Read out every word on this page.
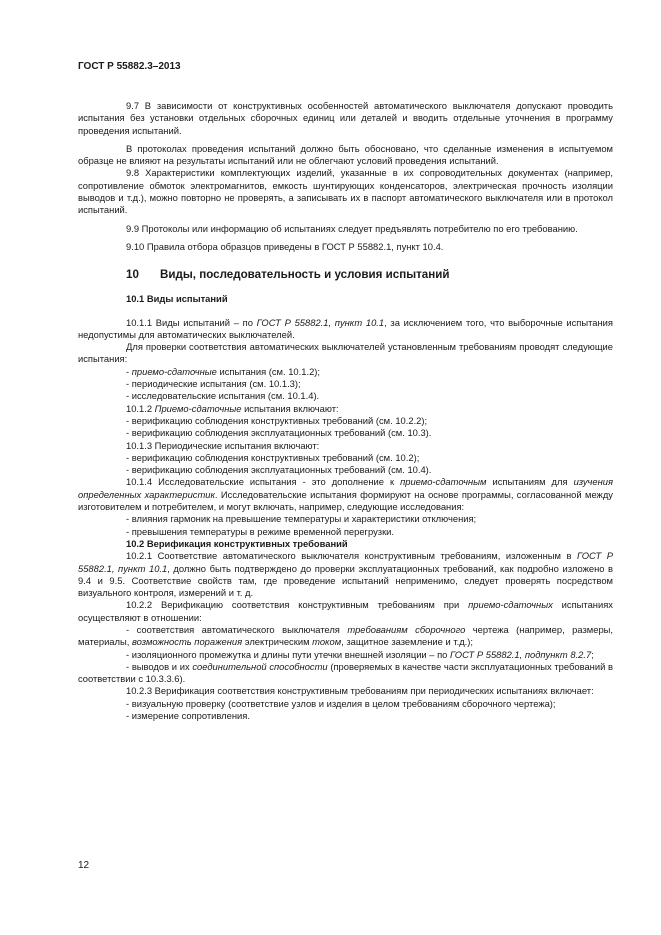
ГОСТ Р 55882.3–2013

9.7 В зависимости от конструктивных особенностей автоматического выключателя допускают проводить испытания без установки отдельных сборочных единиц или деталей и вводить отдельные уточнения в программу проведения испытаний.

В протоколах проведения испытаний должно быть обосновано, что сделанные изменения в испытуемом образце не влияют на результаты испытаний или не облегчают условий проведения испытаний.

9.8 Характеристики комплектующих изделий, указанные в их сопроводительных документах (например, сопротивление обмоток электромагнитов, емкость шунтирующих конденсаторов, электрическая прочность изоляции выводов и т.д.), можно повторно не проверять, а записывать их в паспорт автоматического выключателя или в протокол испытаний.

9.9 Протоколы или информацию об испытаниях следует предъявлять потребителю по его требованию.

9.10 Правила отбора образцов приведены в ГОСТ Р 55882.1, пункт 10.4.

10 Виды, последовательность и условия испытаний

10.1 Виды испытаний

10.1.1 Виды испытаний – по ГОСТ Р 55882.1, пункт 10.1, за исключением того, что выборочные испытания недопустимы для автоматических выключателей.

Для проверки соответствия автоматических выключателей установленным требованиям проводят следующие испытания:

- приемо-сдаточные испытания (см. 10.1.2);

- периодические испытания (см. 10.1.3);

- исследовательские испытания (см. 10.1.4).

10.1.2 Приемо-сдаточные испытания включают:

- верификацию соблюдения конструктивных требований (см. 10.2.2);

- верификацию соблюдения эксплуатационных требований (см. 10.3).

10.1.3 Периодические испытания включают:

- верификацию соблюдения конструктивных требований (см. 10.2);

- верификацию соблюдения эксплуатационных требований (см. 10.4).

10.1.4 Исследовательские испытания - это дополнение к приемо-сдаточным испытаниям для изучения определенных характеристик. Исследовательские испытания формируют на основе программы, согласованной между изготовителем и потребителем, и могут включать, например, следующие исследования:

- влияния гармоник на превышение температуры и характеристики отключения;

- превышения температуры в режиме временной перегрузки.

10.2 Верификация конструктивных требований

10.2.1 Соответствие автоматического выключателя конструктивным требованиям, изложенным в ГОСТ Р 55882.1, пункт 10.1, должно быть подтверждено до проверки эксплуатационных требований, как подробно изложено в 9.4 и 9.5. Соответствие свойств там, где проведение испытаний неприменимо, следует проверять посредством визуального контроля, измерений и т. д.

10.2.2 Верификацию соответствия конструктивным требованиям при приемо-сдаточных испытаниях осуществляют в отношении:

- соответствия автоматического выключателя требованиям сборочного чертежа (например, размеры, материалы, возможность поражения электрическим током, защитное заземление и т.д.);

- изоляционного промежутка и длины пути утечки внешней изоляции – по ГОСТ Р 55882.1, подпункт 8.2.7;

- выводов и их соединительной способности (проверяемых в качестве части эксплуатационных требований в соответствии с 10.3.3.6).

10.2.3 Верификация соответствия конструктивным требованиям при периодических испытаниях включает:

- визуальную проверку (соответствие узлов и изделия в целом требованиям сборочного чертежа);

- измерение сопротивления.

12
